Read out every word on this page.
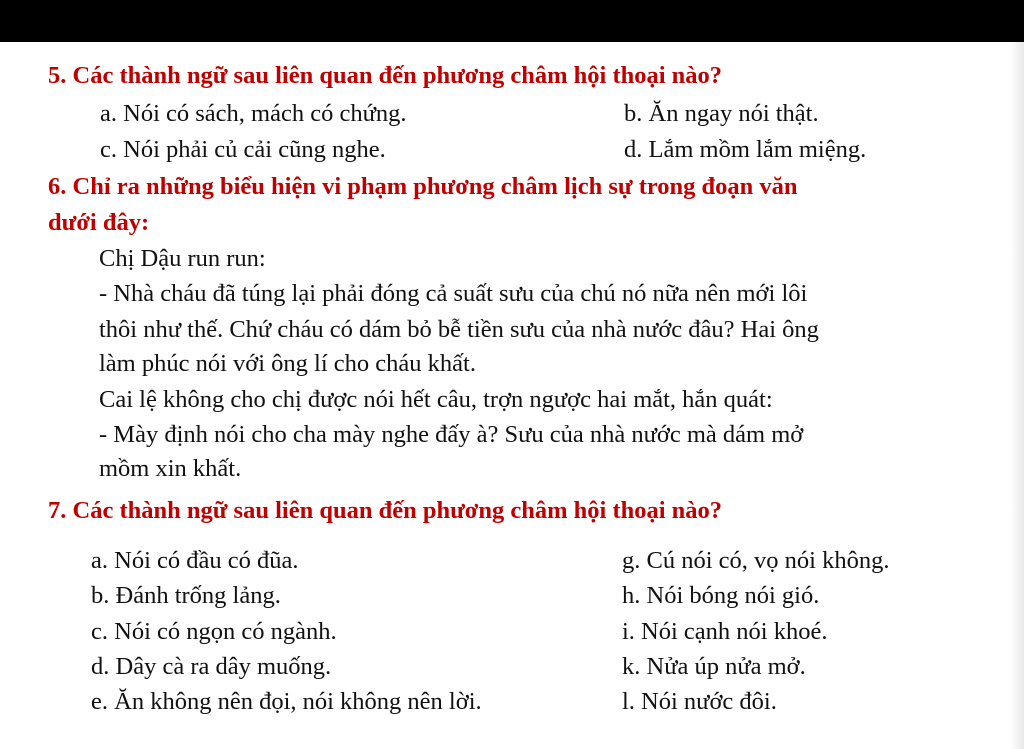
5. Các thành ngữ sau liên quan đến phương châm hội thoại nào?
a. Nói có sách, mách có chứng.	b. Ăn ngay nói thật.
c. Nói phải củ cải cũng nghe.	d. Lắm mồm lắm miệng.
6. Chỉ ra những biểu hiện vi phạm phương châm lịch sự trong đoạn văn
dưới đây:
Chị Dậu run run:
- Nhà cháu đã túng lại phải đóng cả suất sưu của chú nó nữa nên mới lôi
thôi như thế. Chứ cháu có dám bỏ bễ tiền sưu của nhà nước đâu? Hai ông
làm phúc nói với ông lí cho cháu khất.
Cai lệ không cho chị được nói hết câu, trợn ngược hai mắt, hắn quát:
- Mày định nói cho cha mày nghe đấy à? Sưu của nhà nước mà dám mở
mồm xin khất.
7. Các thành ngữ sau liên quan đến phương châm hội thoại nào?
a. Nói có đầu có đũa.
b. Đánh trống lảng.
c. Nói có ngọn có ngành.
d. Dây cà ra dây muống.
e. Ăn không nên đọi, nói không nên lời.
g. Cú nói có, vọ nói không.
h. Nói bóng nói gió.
i. Nói cạnh nói khoé.
k. Nửa úp nửa mở.
l. Nói nước đôi.
